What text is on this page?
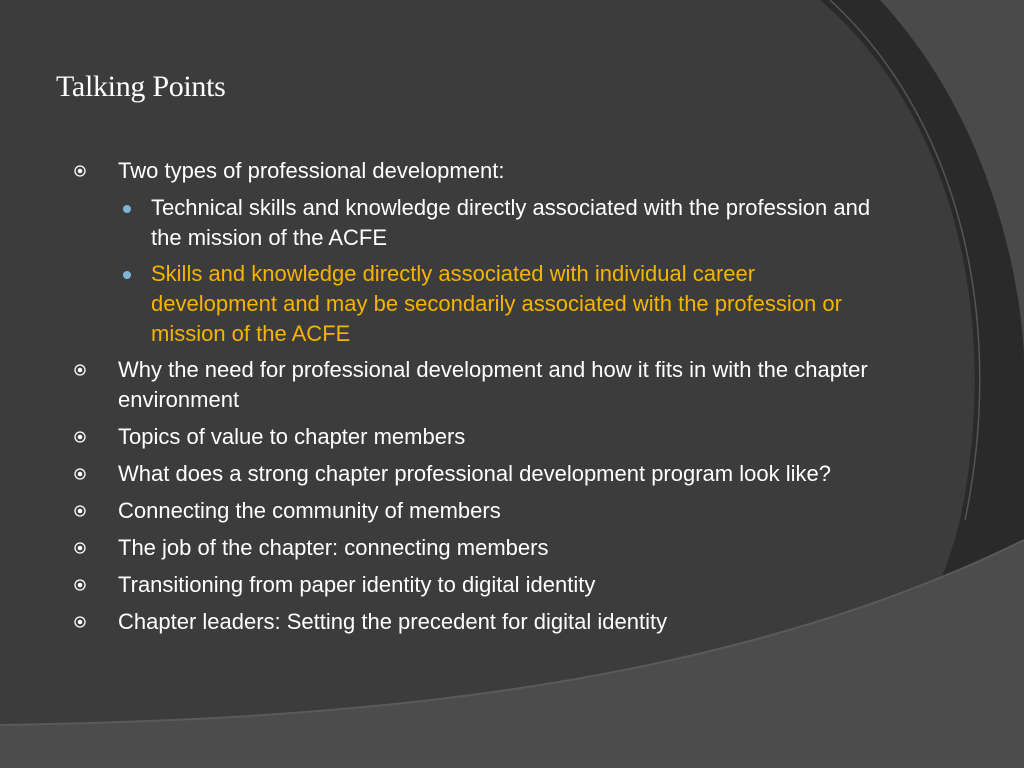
Talking Points
Two types of professional development:
Technical skills and knowledge directly associated with the profession and the mission of the ACFE
Skills and knowledge directly associated with individual career development and may be secondarily associated with the profession or mission of the ACFE
Why the need for professional development and how it fits in with the chapter environment
Topics of value to chapter members
What does a strong chapter professional development program look like?
Connecting the community of members
The job of the chapter: connecting members
Transitioning from paper identity to digital identity
Chapter leaders: Setting the precedent for digital identity
